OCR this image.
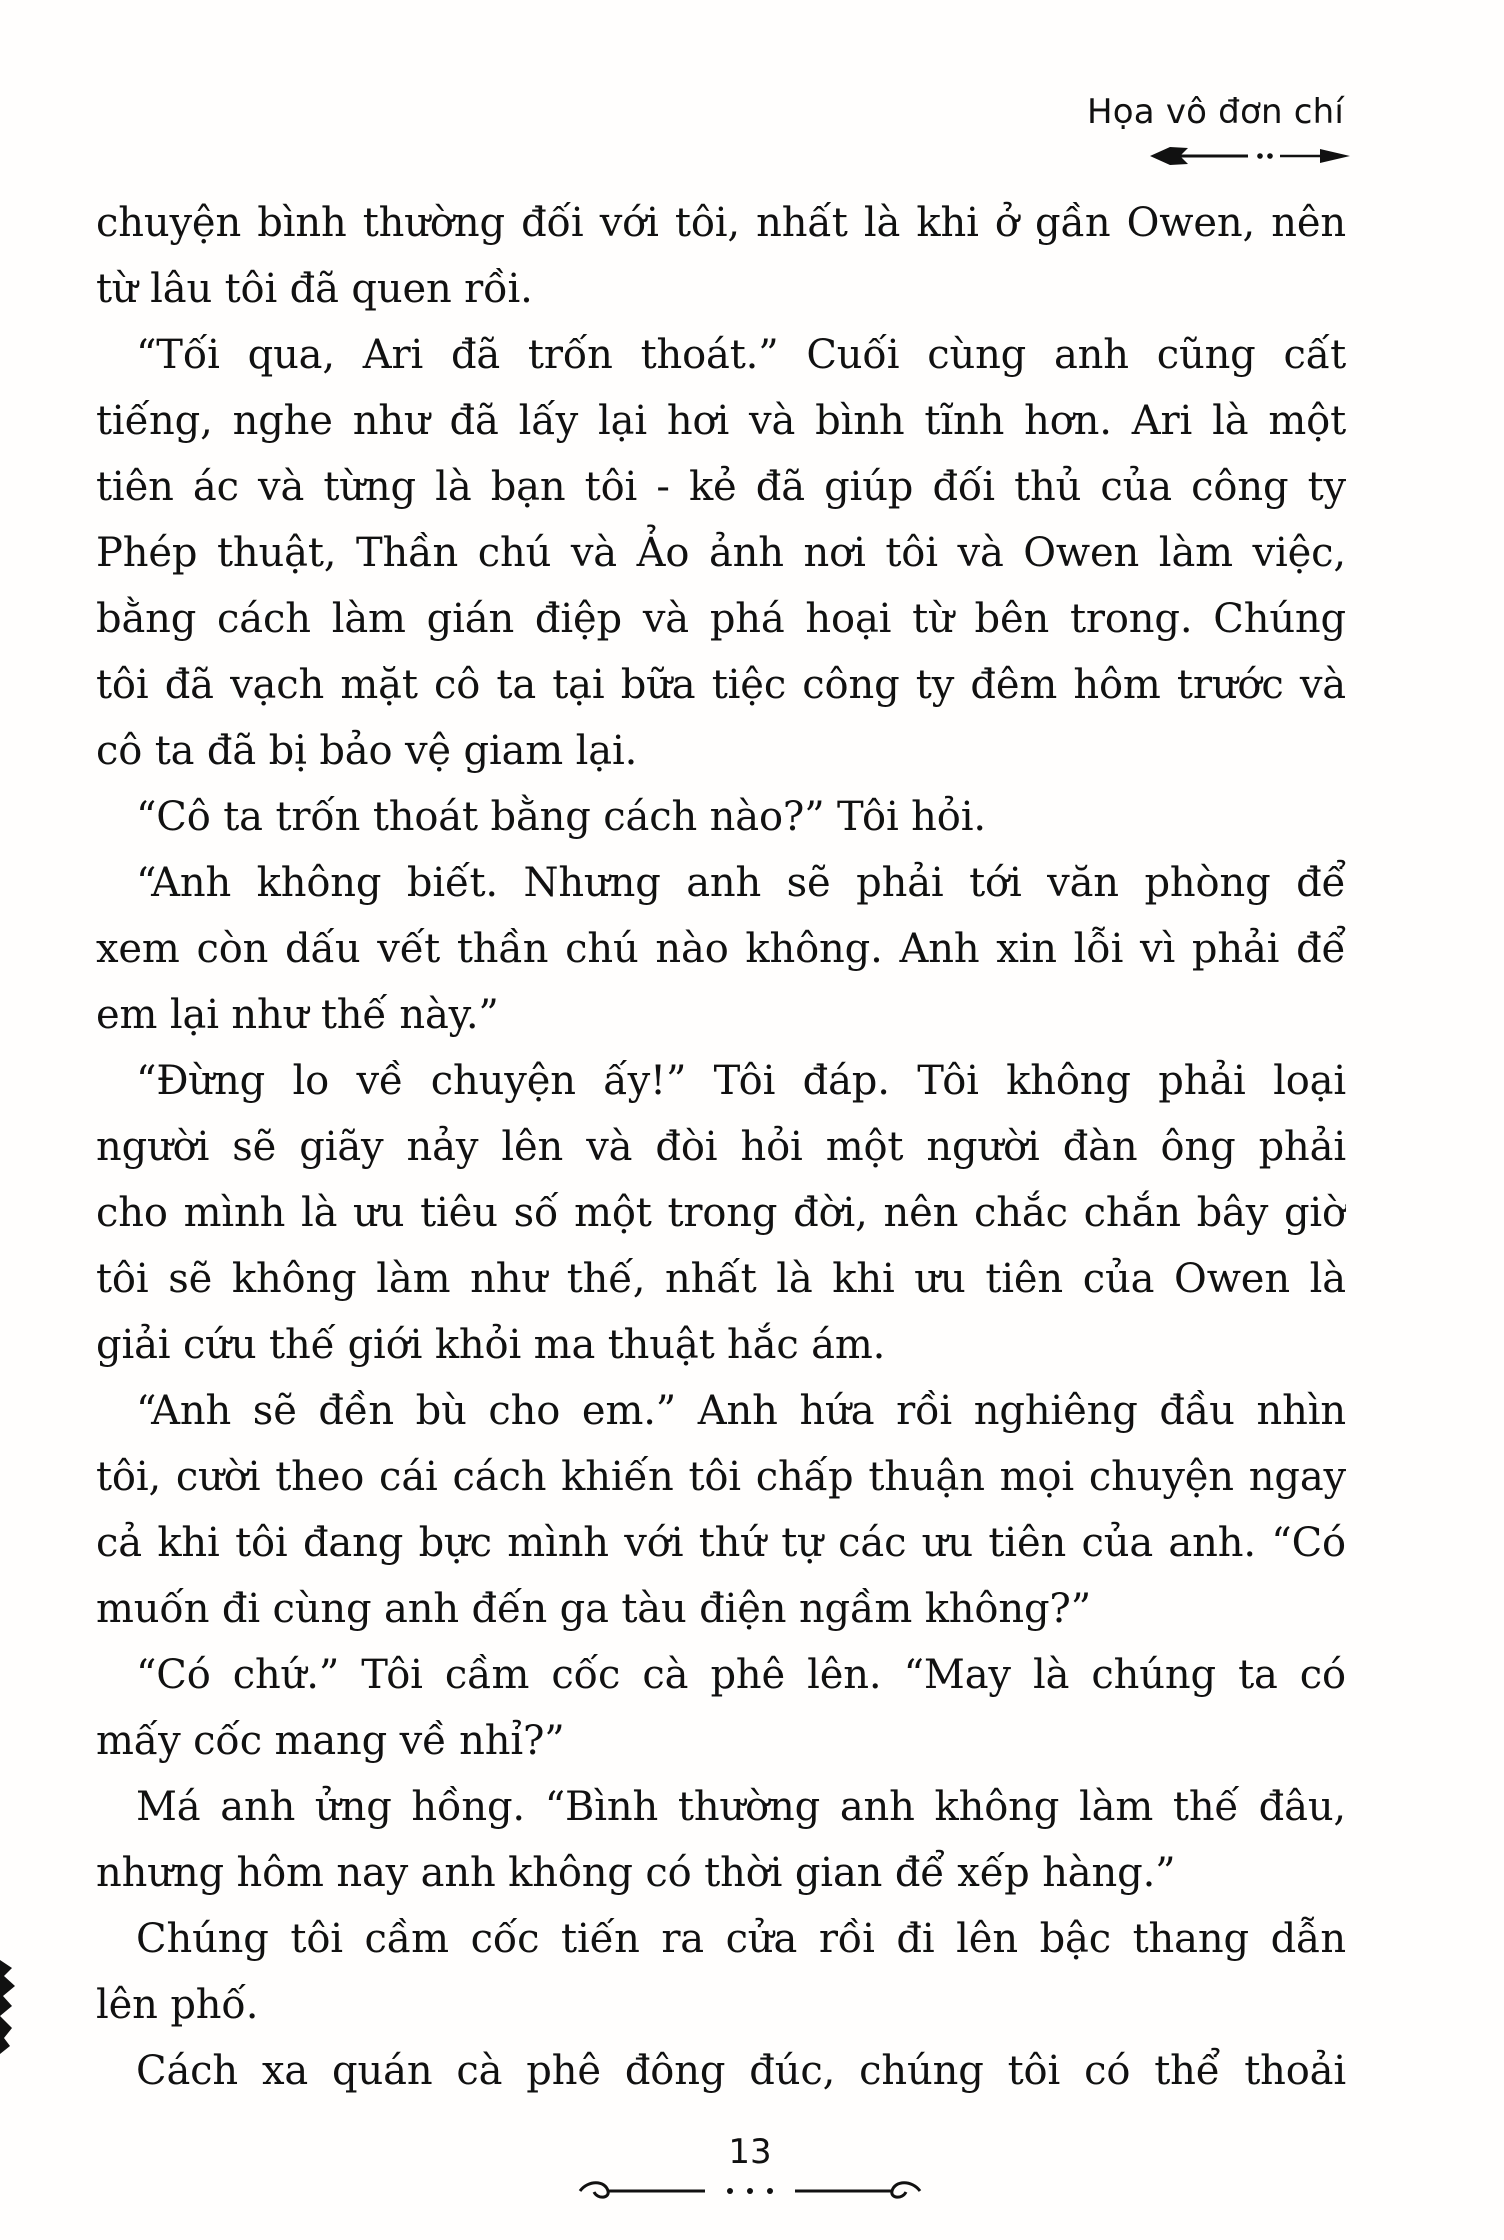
Họa vô đơn chí
chuyện bình thường đối với tôi, nhất là khi ở gần Owen, nên
từ lâu tôi đã quen rồi.
“Tối qua, Ari đã trốn thoát.” Cuối cùng anh cũng cất
tiếng, nghe như đã lấy lại hơi và bình tĩnh hơn. Ari là một
tiên ác và từng là bạn tôi - kẻ đã giúp đối thủ của công ty
Phép thuật, Thần chú và Ảo ảnh nơi tôi và Owen làm việc,
bằng cách làm gián điệp và phá hoại từ bên trong. Chúng
tôi đã vạch mặt cô ta tại bữa tiệc công ty đêm hôm trước và
cô ta đã bị bảo vệ giam lại.
“Cô ta trốn thoát bằng cách nào?” Tôi hỏi.
“Anh không biết. Nhưng anh sẽ phải tới văn phòng để
xem còn dấu vết thần chú nào không. Anh xin lỗi vì phải để
em lại như thế này.”
“Đừng lo về chuyện ấy!” Tôi đáp. Tôi không phải loại
người sẽ giãy nảy lên và đòi hỏi một người đàn ông phải
cho mình là ưu tiêu số một trong đời, nên chắc chắn bây giờ
tôi sẽ không làm như thế, nhất là khi ưu tiên của Owen là
giải cứu thế giới khỏi ma thuật hắc ám.
“Anh sẽ đền bù cho em.” Anh hứa rồi nghiêng đầu nhìn
tôi, cười theo cái cách khiến tôi chấp thuận mọi chuyện ngay
cả khi tôi đang bực mình với thứ tự các ưu tiên của anh. “Có
muốn đi cùng anh đến ga tàu điện ngầm không?”
“Có chứ.” Tôi cầm cốc cà phê lên. “May là chúng ta có
mấy cốc mang về nhỉ?”
Má anh ửng hồng. “Bình thường anh không làm thế đâu,
nhưng hôm nay anh không có thời gian để xếp hàng.”
Chúng tôi cầm cốc tiến ra cửa rồi đi lên bậc thang dẫn
lên phố.
Cách xa quán cà phê đông đúc, chúng tôi có thể thoải
13
